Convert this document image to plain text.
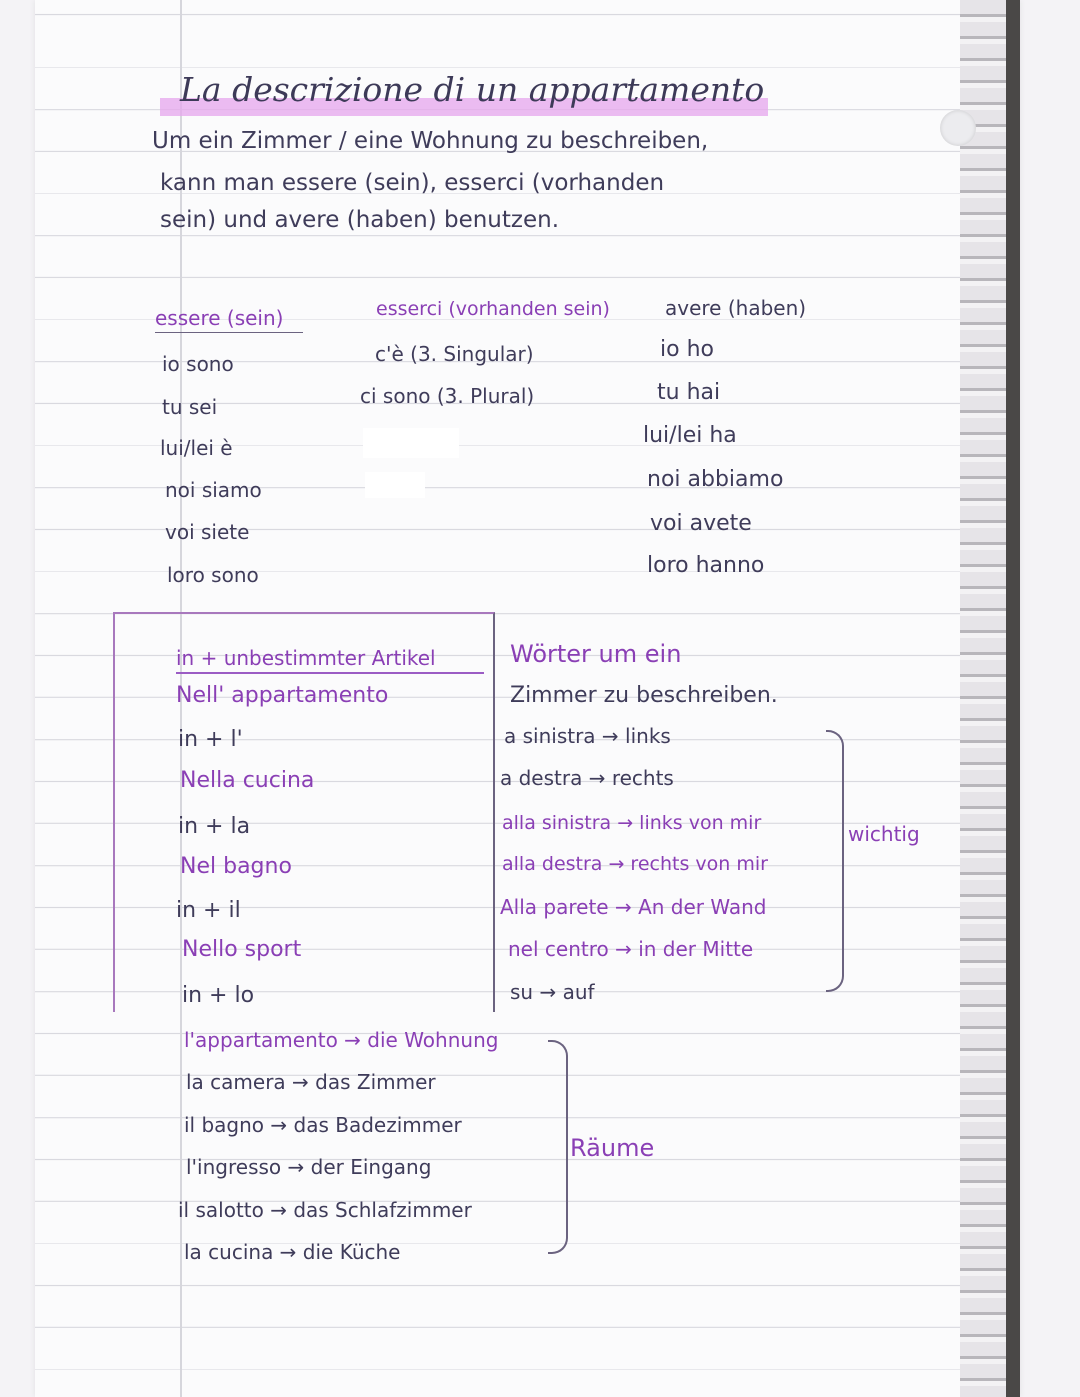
La descrizione di un appartamento
Um ein Zimmer / eine Wohnung zu beschreiben,
kann man essere (sein), esserci (vorhanden
sein) und avere (haben) benutzen.
essere (sein)
io sono
tu sei
lui/lei è
noi siamo
voi siete
loro sono
esserci (vorhanden sein)
c'è (3. Singular)
ci sono (3. Plural)
avere (haben)
io ho
tu hai
lui/lei ha
noi abbiamo
voi avete
loro hanno
in + unbestimmter Artikel
Nell' appartamento
in + l'
Nella cucina
in + la
Nel bagno
in + il
Nello sport
in + lo
Wörter um ein
Zimmer zu beschreiben.
a sinistra → links
a destra → rechts
alla sinistra → links von mir
alla destra → rechts von mir
Alla parete → An der Wand
nel centro → in der Mitte
su → auf
wichtig
l'appartamento → die Wohnung
la camera → das Zimmer
il bagno → das Badezimmer
l'ingresso → der Eingang
il salotto → das Schlafzimmer
la cucina → die Küche
Räume
